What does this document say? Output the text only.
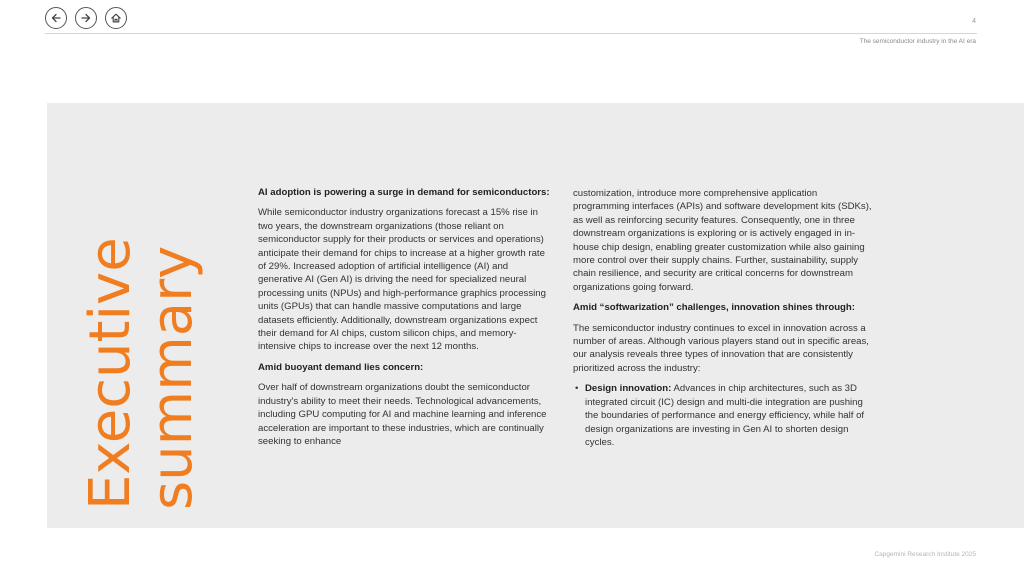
4
The semiconductor industry in the AI era
Executive
summary

AI adoption is powering a surge in demand for semiconductors:

While semiconductor industry organizations forecast a 15% rise in two years, the downstream organizations (those reliant on semiconductor supply for their products or services and operations) anticipate their demand for chips to increase at a higher growth rate of 29%. Increased adoption of artificial intelligence (AI) and generative AI (Gen AI) is driving the need for specialized neural processing units (NPUs) and high-performance graphics processing units (GPUs) that can handle massive computations and large datasets efficiently. Additionally, downstream organizations expect their demand for AI chips, custom silicon chips, and memory-intensive chips to increase over the next 12 months.

Amid buoyant demand lies concern:

Over half of downstream organizations doubt the semiconductor industry's ability to meet their needs. Technological advancements, including GPU computing for AI and machine learning and inference acceleration are important to these industries, which are continually seeking to enhance

customization, introduce more comprehensive application programming interfaces (APIs) and software development kits (SDKs), as well as reinforcing security features. Consequently, one in three downstream organizations is exploring or is actively engaged in in-house chip design, enabling greater customization while also gaining more control over their supply chains. Further, sustainability, supply chain resilience, and security are critical concerns for downstream organizations going forward.

Amid “softwarization” challenges, innovation shines through:

The semiconductor industry continues to excel in innovation across a number of areas. Although various players stand out in specific areas, our analysis reveals three types of innovation that are consistently prioritized across the industry:

• Design innovation: Advances in chip architectures, such as 3D integrated circuit (IC) design and multi-die integration are pushing the boundaries of performance and energy efficiency, while half of design organizations are investing in Gen AI to shorten design cycles.
Capgemini Research Institute 2025
